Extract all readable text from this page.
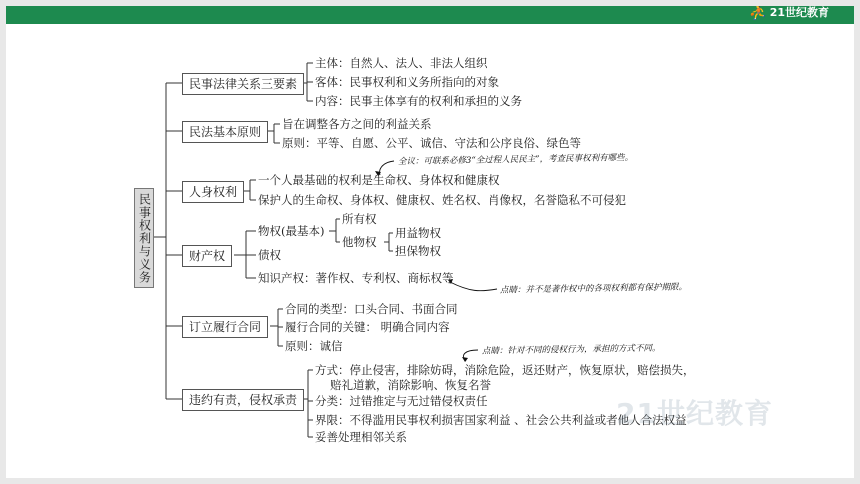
⛹ 21世纪教育
民事权利与义务
民事法律关系三要素
主体：自然人、法人、非法人组织
客体：民事权利和义务所指向的对象
内容：民事主体享有的权利和承担的义务
民法基本原则
旨在调整各方之间的利益关系
原则：平等、自愿、公平、诚信、守法和公序良俗、绿色等
人身权利
一个人最基础的权利是生命权、身体权和健康权
保护人的生命权、身体权、健康权、姓名权、肖像权，名誉隐私不可侵犯
财产权
物权(最基本)
所有权
他物权
用益物权
担保物权
债权
知识产权：著作权、专利权、商标权等
订立履行合同
合同的类型：口头合同、书面合同
履行合同的关键： 明确合同内容
原则：诚信
违约有责，侵权承责
方式：停止侵害，排除妨碍，消除危险，返还财产，恢复原状，赔偿损失，
赔礼道歉，消除影响、恢复名誉
分类：过错推定与无过错侵权责任
界限：不得滥用民事权利损害国家利益 、社会公共利益或者他人合法权益
妥善处理相邻关系
全议：可联系必修3“全过程人民民主”，考查民事权利有哪些。
点睛：并不是著作权中的各项权利都有保护期限。
点睛：针对不同的侵权行为，承担的方式不同。
21世纪教育
